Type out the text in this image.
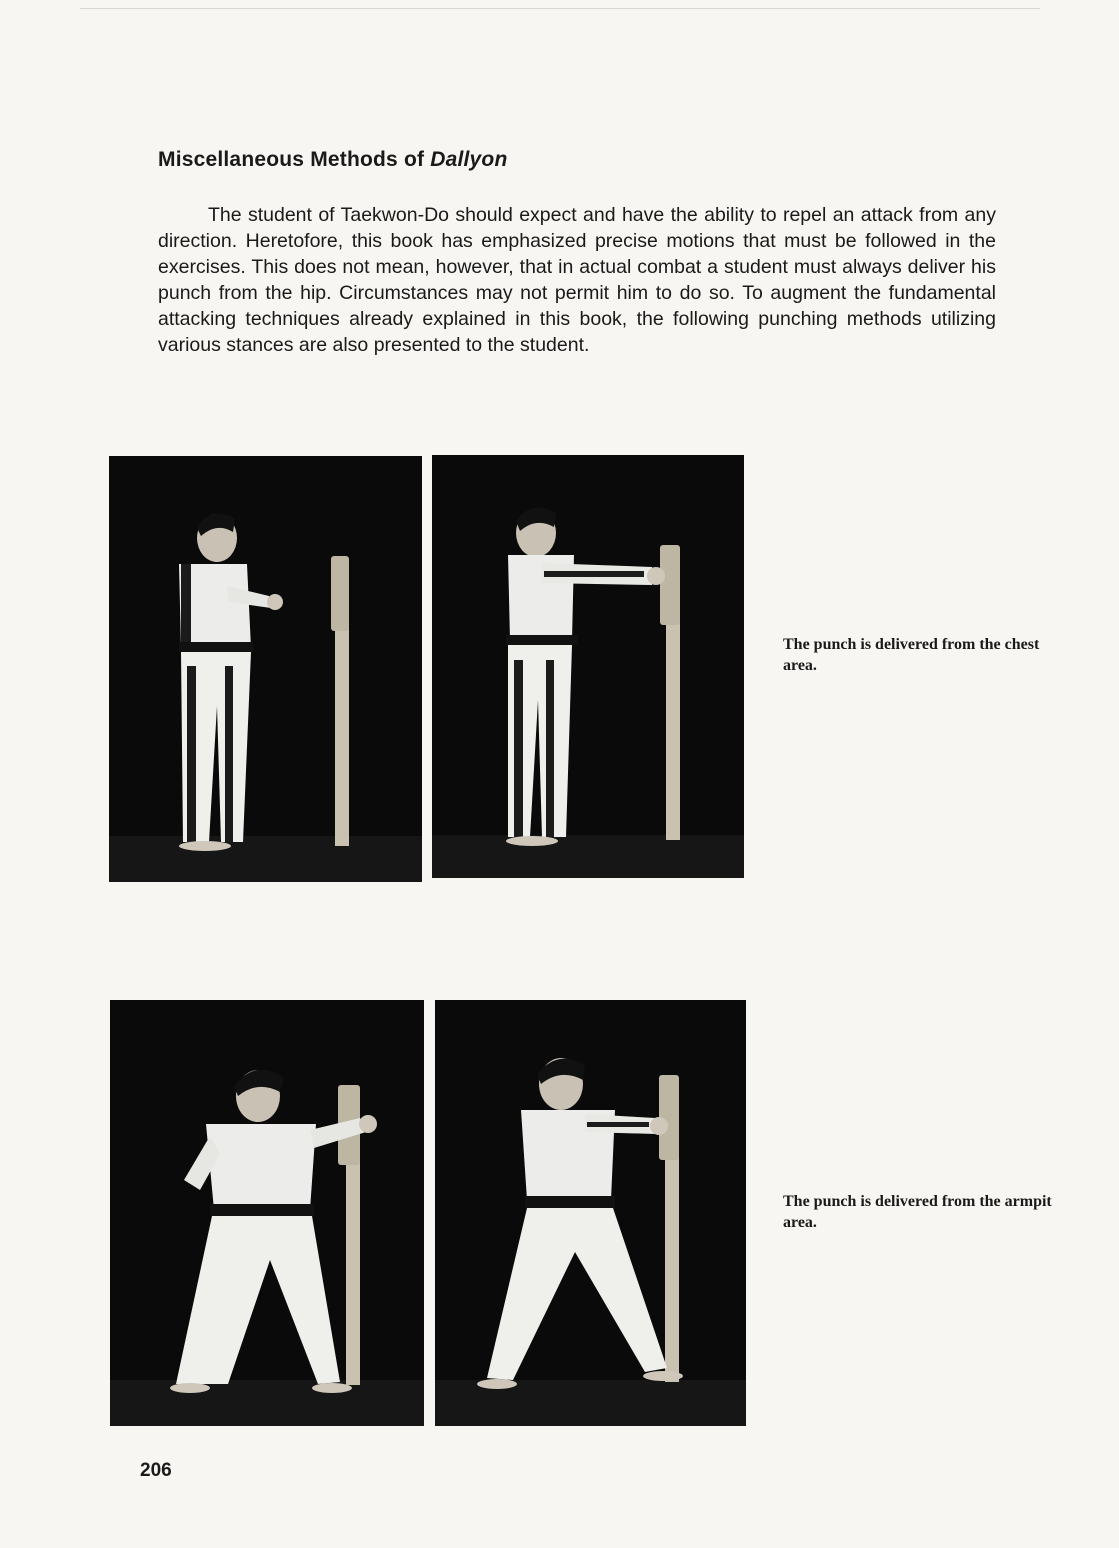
Miscellaneous Methods of Dallyon

The student of Taekwon-Do should expect and have the ability to repel an attack from any direction. Heretofore, this book has emphasized precise motions that must be followed in the exercises. This does not mean, however, that in actual combat a student must always deliver his punch from the hip. Circumstances may not permit him to do so. To augment the fundamental attacking techniques already explained in this book, the following punching methods utilizing various stances are also presented to the student.

The punch is delivered from the chest area.

The punch is delivered from the armpit area.

206
